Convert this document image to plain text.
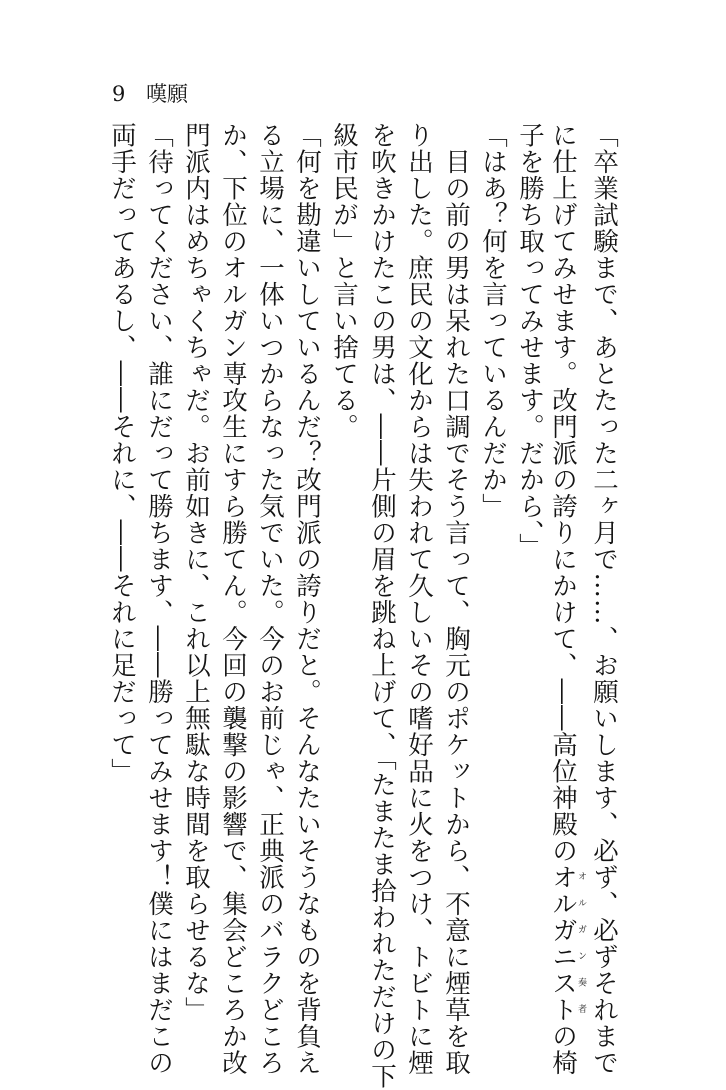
9 嘆願
「卒業試験まで、あとたった二ヶ月で……、お願いします、必ず、必ずそれまで
に仕上げてみせます。改門派の誇りにかけて、――高位神殿のオルガニストオルガン奏者の椅
子を勝ち取ってみせます。だから、」
「はあ？何を言っているんだか」
　目の前の男は呆れた口調でそう言って、胸元のポケットから、不意に煙草を取
り出した。庶民の文化からは失われて久しいその嗜好品に火をつけ、トビトに煙
を吹きかけたこの男は、――片側の眉を跳ね上げて、「たまたま拾われただけの下
級市民が」と言い捨てる。
「何を勘違いしているんだ？改門派の誇りだと。そんなたいそうなものを背負え
る立場に、一体いつからなった気でいた。今のお前じゃ、正典派のバラクどころ
か、下位のオルガン専攻生にすら勝てん。今回の襲撃の影響で、集会どころか改
門派内はめちゃくちゃだ。お前如きに、これ以上無駄な時間を取らせるな」
「待ってください、誰にだって勝ちます、――勝ってみせます！僕にはまだこの
両手だってあるし、――それに、――それに足だって」
